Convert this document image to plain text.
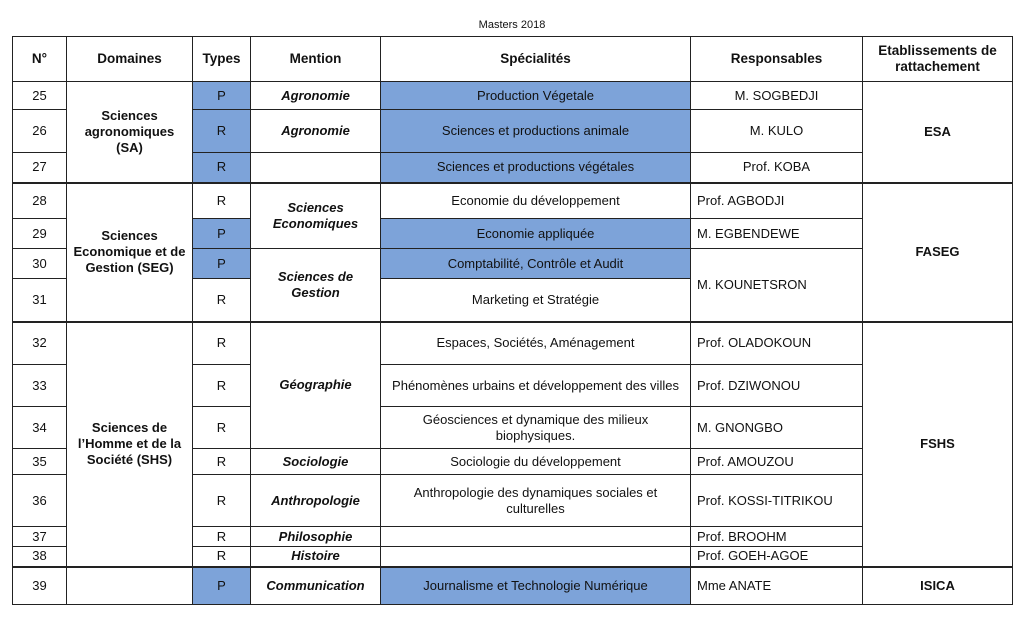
Masters 2018
N°	Domaines	Types	Mention	Spécialités	Responsables	Etablissements de rattachement
25	Sciences agronomiques (SA)	P	Agronomie	Production Végetale	M. SOGBEDJI	ESA
26		R	Agronomie	Sciences et productions animale	M. KULO	
27		R		Sciences et productions végétales	Prof. KOBA	
28	Sciences Economique et de Gestion (SEG)	R	Sciences Economiques	Economie du développement	Prof. AGBODJI	FASEG
29		P		Economie appliquée	M. EGBENDEWE	
30		P	Sciences de Gestion	Comptabilité, Contrôle et Audit	M. KOUNETSRON	
31		R		Marketing et Stratégie		
32	Sciences de l’Homme et de la Société (SHS)	R	Géographie	Espaces, Sociétés, Aménagement	Prof. OLADOKOUN	FSHS
33		R		Phénomènes urbains et développement des villes	Prof. DZIWONOU	
34		R		Géosciences et dynamique des milieux biophysiques.	M. GNONGBO	
35		R	Sociologie	Sociologie du développement	Prof. AMOUZOU	
36		R	Anthropologie	Anthropologie des dynamiques sociales et culturelles	Prof. KOSSI-TITRIKOU	
37		R	Philosophie		Prof. BROOHM	
38		R	Histoire		Prof. GOEH-AGOE	
39		P	Communication	Journalisme et Technologie Numérique	Mme ANATE	ISICA
